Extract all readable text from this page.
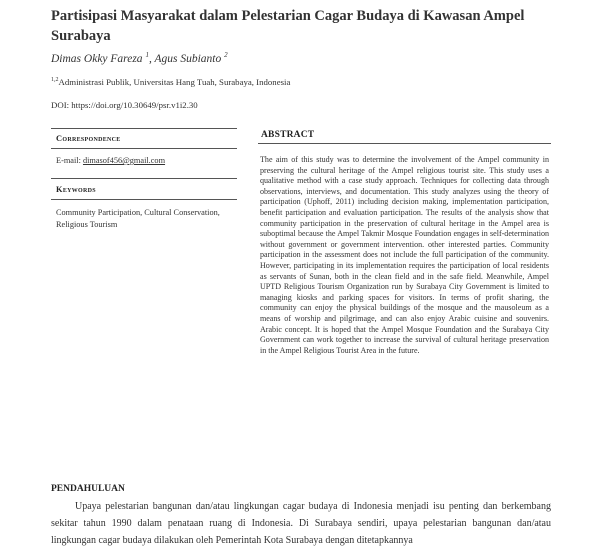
Partisipasi Masyarakat dalam Pelestarian Cagar Budaya di Kawasan Ampel Surabaya
Dimas Okky Fareza $^1$, Agus Subianto $^2$
$^{1,2}$Administrasi Publik, Universitas Hang Tuah, Surabaya, Indonesia
DOI: https://doi.org/10.30649/psr.v1i2.30
Correspondence
E-mail: dimasof456@gmail.com
Keywords
Community Participation, Cultural Conservation, Religious Tourism
ABSTRACT
The aim of this study was to determine the involvement of the Ampel community in preserving the cultural heritage of the Ampel religious tourist site. This study uses a qualitative method with a case study approach. Techniques for collecting data through observations, interviews, and documentation. This study analyzes using the theory of participation (Uphoff, 2011) including decision making, implementation participation, benefit participation and evaluation participation. The results of the analysis show that community participation in the preservation of cultural heritage in the Ampel area is suboptimal because the Ampel Takmir Mosque Foundation engages in self-determination without government or government intervention. other interested parties. Community participation in the assessment does not include the full participation of the community. However, participating in its implementation requires the participation of local residents as servants of Sunan, both in the clean field and in the safe field. Meanwhile, Ampel UPTD Religious Tourism Organization run by Surabaya City Government is limited to managing kiosks and parking spaces for visitors. In terms of profit sharing, the community can enjoy the physical buildings of the mosque and the mausoleum as a means of worship and pilgrimage, and can also enjoy Arabic cuisine and souvenirs. Arabic concept. It is hoped that the Ampel Mosque Foundation and the Surabaya City Government can work together to increase the survival of cultural heritage preservation in the Ampel Religious Tourist Area in the future.
PENDAHULUAN
Upaya pelestarian bangunan dan/atau lingkungan cagar budaya di Indonesia menjadi isu penting dan berkembang sekitar tahun 1990 dalam penataan ruang di Indonesia. Di Surabaya sendiri, upaya pelestarian bangunan dan/atau lingkungan cagar budaya dilakukan oleh Pemerintah Kota Surabaya dengan ditetapkannya
